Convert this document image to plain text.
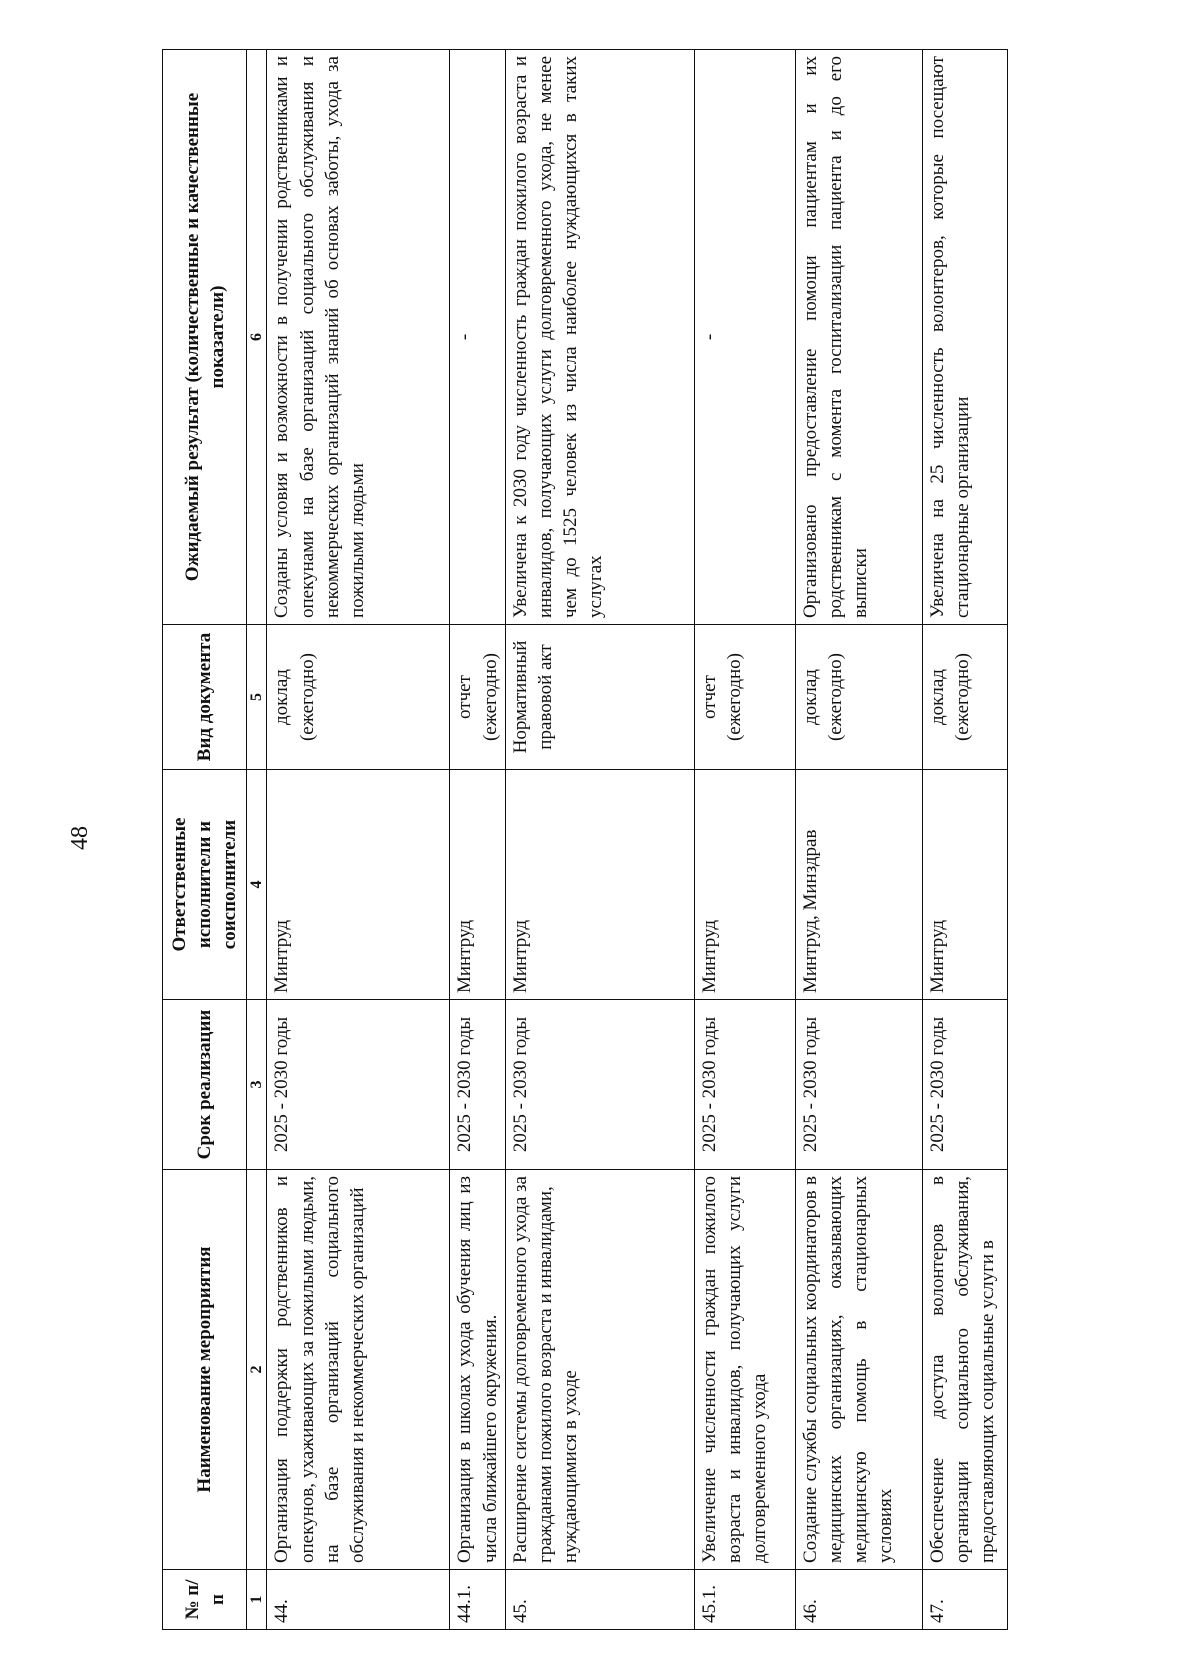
48
№ п/п	Наименование мероприятия	Срок реализации	Ответственные исполнители и соисполнители	Вид документа	Ожидаемый результат (количественные и качественные показатели)
1	2	3	4	5	6
44.	Организация поддержки родственников и опекунов, ухаживающих за пожилыми людьми, на базе организаций социального обслуживания и некоммерческих организаций	2025 - 2030 годы	Минтруд	доклад (ежегодно)	Созданы условия и возможности в получении родственниками и опекунами на базе организаций социального обслуживания и некоммерческих организаций знаний об основах заботы, ухода за пожилыми людьми
44.1.	Организация в школах ухода обучения лиц из числа ближайшего окружения.	2025 - 2030 годы	Минтруд	отчет (ежегодно)	-
45.	Расширение системы долговременного ухода за гражданами пожилого возраста и инвалидами, нуждающимися в уходе	2025 - 2030 годы	Минтруд	Нормативный правовой акт	Увеличена к 2030 году численность граждан пожилого возраста и инвалидов, получающих услуги долговременного ухода, не менее чем до 1525 человек из числа наиболее нуждающихся в таких услугах
45.1.	Увеличение численности граждан пожилого возраста и инвалидов, получающих услуги долговременного ухода	2025 - 2030 годы	Минтруд	отчет (ежегодно)	-
46.	Создание службы социальных координаторов в медицинских организациях, оказывающих медицинскую помощь в стационарных условиях	2025 - 2030 годы	Минтруд, Минздрав	доклад (ежегодно)	Организовано предоставление помощи пациентам и их родственникам с момента госпитализации пациента и до его выписки
47.	Обеспечение доступа волонтеров в организации социального обслуживания, предоставляющих социальные услуги в	2025 - 2030 годы	Минтруд	доклад (ежегодно)	Увеличена на 25 численность волонтеров, которые посещают стационарные организации
